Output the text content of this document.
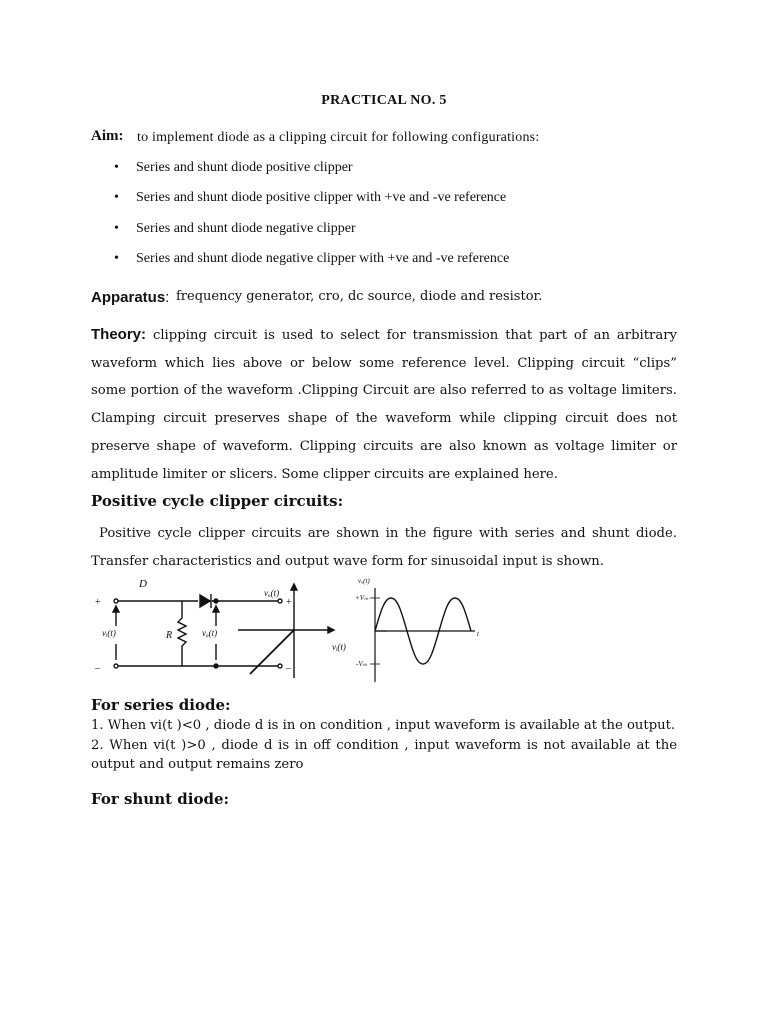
PRACTICAL NO. 5
Aim: to implement diode as a clipping circuit for following configurations:
• Series and shunt diode positive clipper
• Series and shunt diode positive clipper with +ve and -ve reference
• Series and shunt diode negative clipper
• Series and shunt diode negative clipper with +ve and -ve reference
Apparatus: frequency generator, cro, dc source, diode and resistor.
Theory: clipping circuit is used to select for transmission that part of an arbitrary waveform which lies above or below some reference level. Clipping circuit “clips” some portion of the waveform .Clipping Circuit are also referred to as voltage limiters. Clamping circuit preserves shape of the waveform while clipping circuit does not preserve shape of waveform. Clipping circuits are also known as voltage limiter or amplitude limiter or slicers. Some clipper circuits are explained here.
Positive cycle clipper circuits:
Positive cycle clipper circuits are shown in the figure with series and shunt diode. Transfer characteristics and output wave form for sinusoidal input is shown.
D
R
vᵢ(t)	vₒ(t)
+
–
+
–
vₒ(t)
vᵢ(t)
vₒ(t)
+Vₘ
-Vₘ
t
For series diode:

1. When vi(t )<0 , diode d is in on condition , input waveform is available at the output.

2. When vi(t )>0 , diode d is in off condition , input waveform is not available at the output and output remains zero

For shunt diode:
